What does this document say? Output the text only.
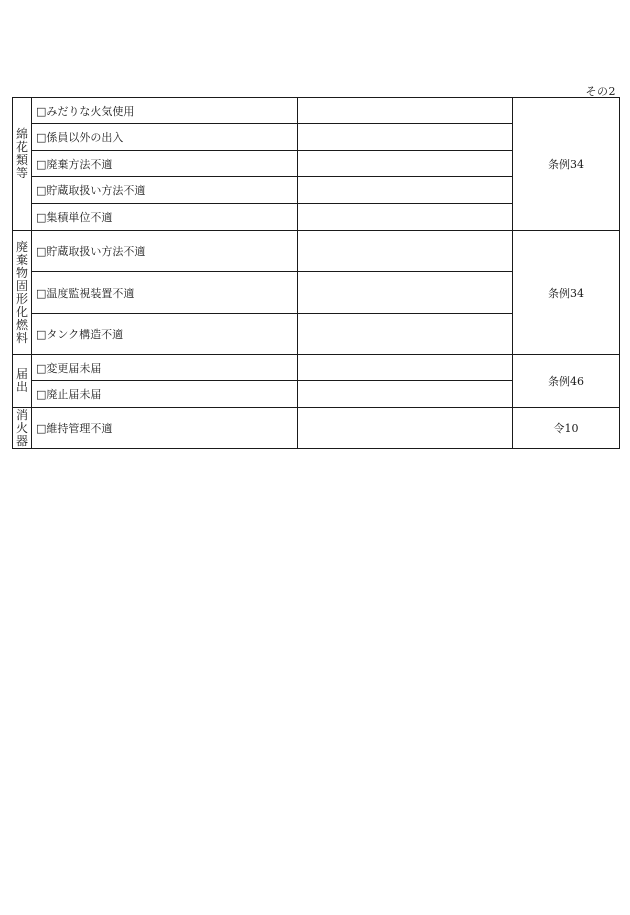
その2
綿花類等	□みだりな火気使用		条例34
	□係員以外の出入		
	□廃棄方法不適		
	□貯蔵取扱い方法不適		
	□集積単位不適		
廃棄物固形化燃料	□貯蔵取扱い方法不適		条例34
	□温度監視装置不適		
	□タンク構造不適		
届出	□変更届未届		条例46
	□廃止届未届		
消火器	□維持管理不適		令10
